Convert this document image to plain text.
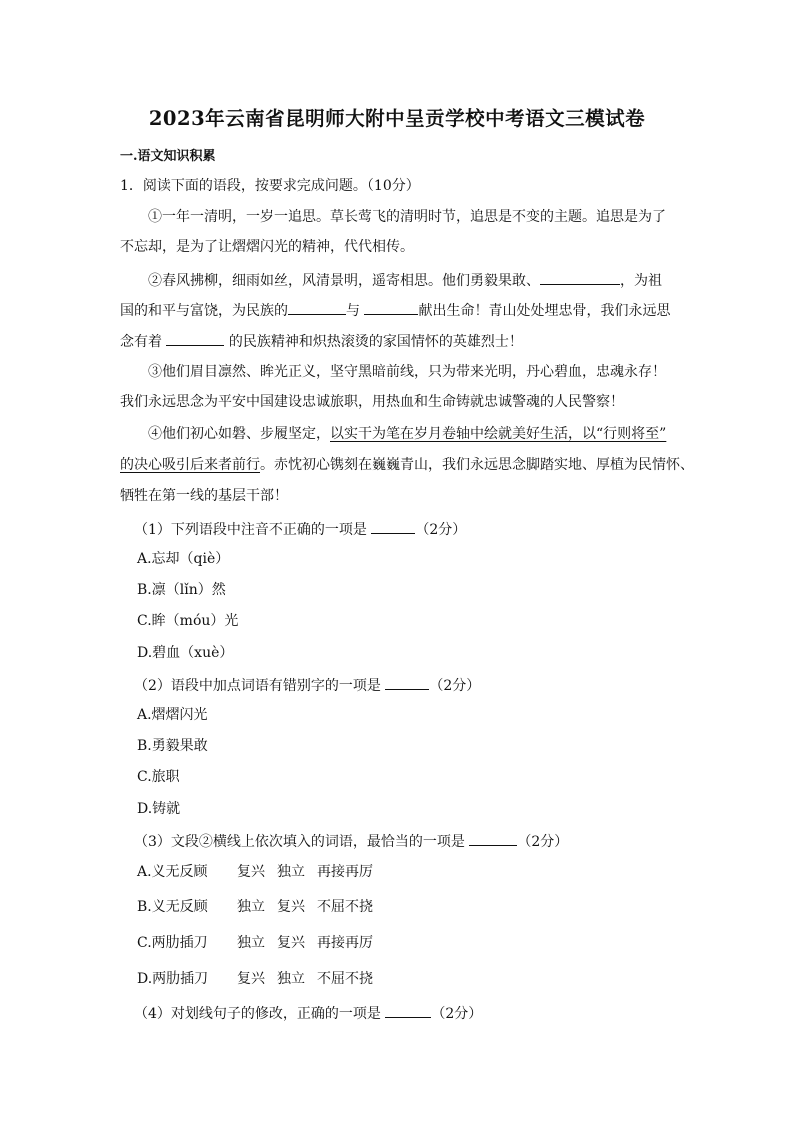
2023年云南省昆明师大附中呈贡学校中考语文三模试卷
一.语文知识积累
1．阅读下面的语段，按要求完成问题。（10分）
①一年一清明，一岁一追思。草长莺飞的清明时节，追思是不变的主题。追思是为了
不忘却，是为了让熠熠闪光的精神，代代相传。
②春风拂柳，细雨如丝，风清景明，遥寄相思。他们勇毅果敢、	，为祖
国的和平与富饶，为民族的	与	献出生命！青山处处埋忠骨，我们永远思
念有着	的民族精神和炽热滚烫的家国情怀的英雄烈士！
③他们眉目凛然、眸光正义，坚守黑暗前线，只为带来光明，丹心碧血，忠魂永存！
我们永远思念为平安中国建设忠诚旅职，用热血和生命铸就忠诚警魂的人民警察！
④他们初心如磐、步履坚定，以实干为笔在岁月卷轴中绘就美好生活，以“行则将至”
的决心吸引后来者前行。赤忱初心镌刻在巍巍青山，我们永远思念脚踏实地、厚植为民情怀、
牺牲在第一线的基层干部！
（1）下列语段中注音不正确的一项是	（2分）
A.忘却（qiè）
B.凛（lǐn）然
C.眸（móu）光
D.碧血（xuè）
（2）语段中加点词语有错别字的一项是	（2分）
A.熠熠闪光
B.勇毅果敢
C.旅职
D.铸就
（3）文段②横线上依次填入的词语，最恰当的一项是	（2分）
A.义无反顾 复兴 独立 再接再厉
B.义无反顾 独立 复兴 不屈不挠
C.两肋插刀 独立 复兴 再接再厉
D.两肋插刀 复兴 独立 不屈不挠
（4）对划线句子的修改，正确的一项是	（2分）
